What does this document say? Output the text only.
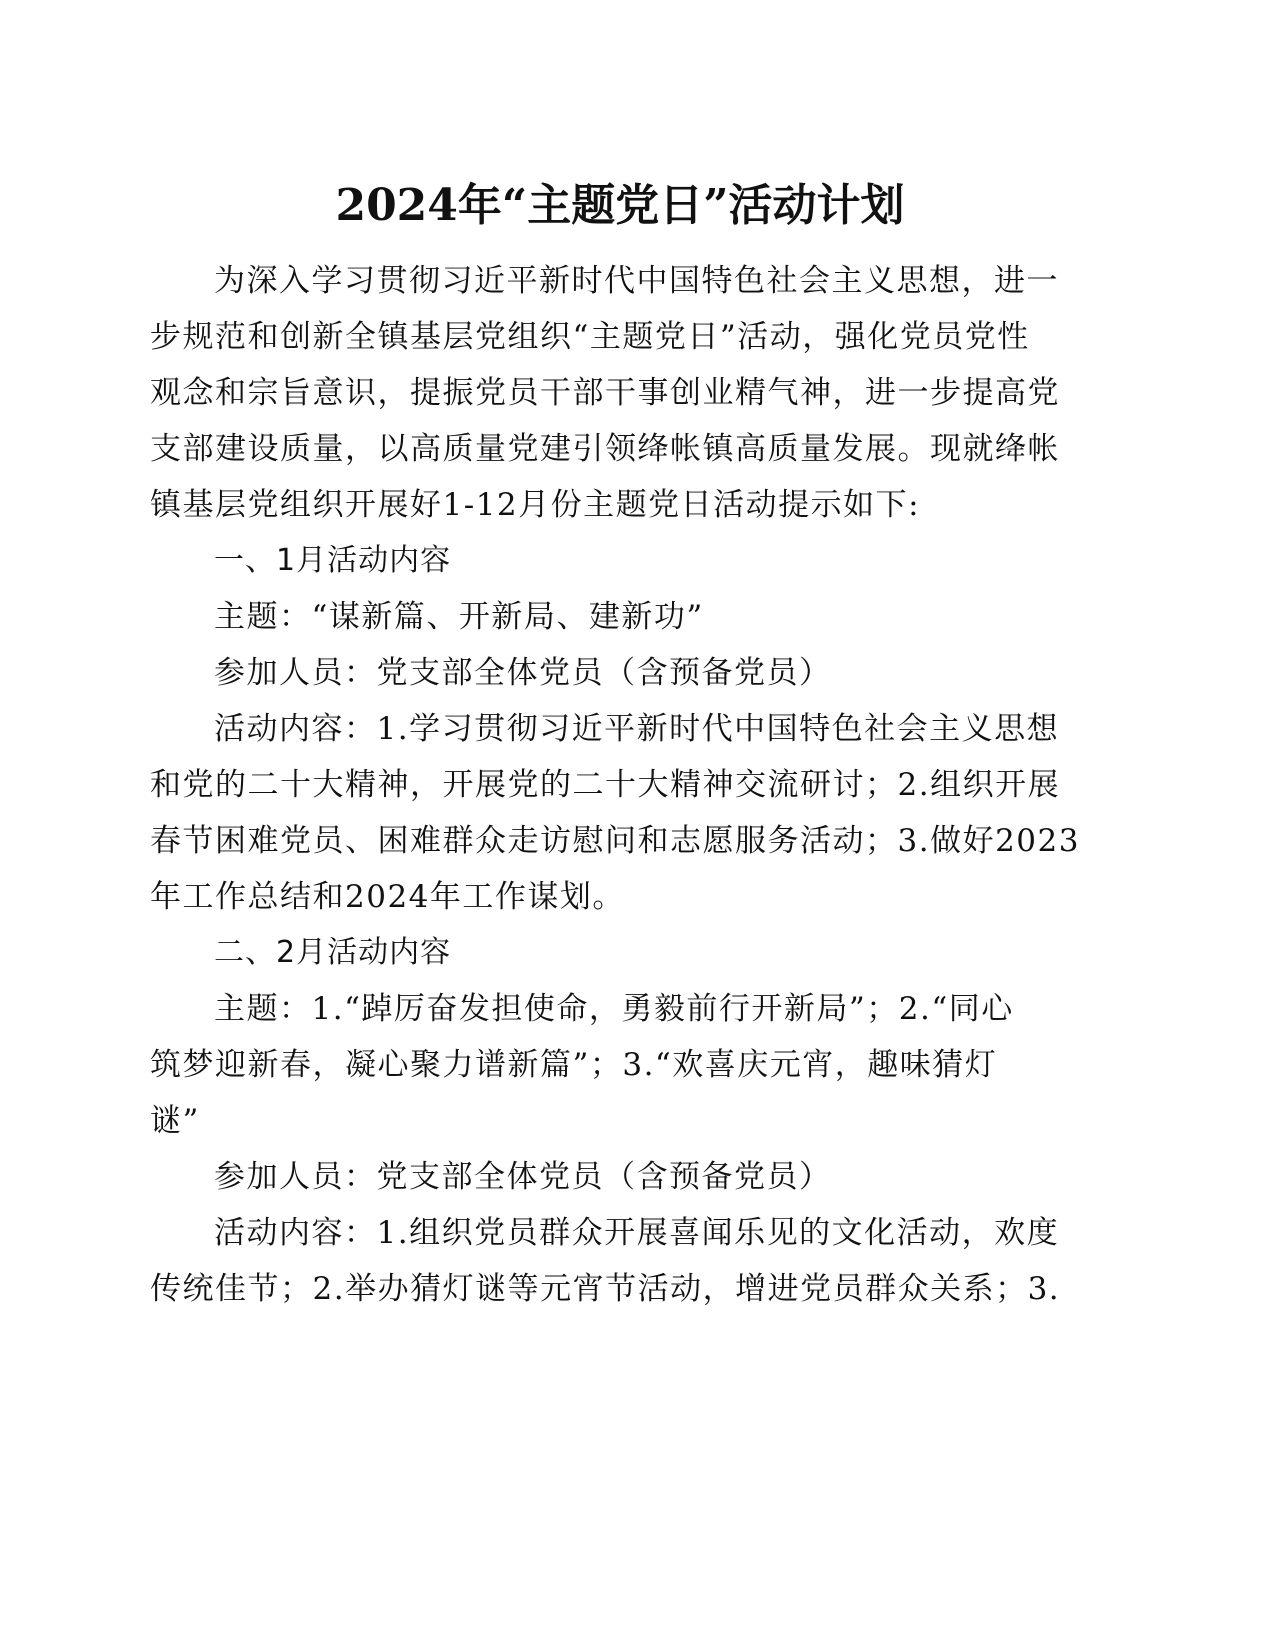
2024年“主题党日”活动计划
为深入学习贯彻习近平新时代中国特色社会主义思想，进一
步规范和创新全镇基层党组织“主题党日”活动，强化党员党性
观念和宗旨意识，提振党员干部干事创业精气神，进一步提高党
支部建设质量，以高质量党建引领绛帐镇高质量发展。现就绛帐
镇基层党组织开展好1-12月份主题党日活动提示如下:
一、1月活动内容
主题：“谋新篇、开新局、建新功”
参加人员：党支部全体党员（含预备党员）
活动内容：1.学习贯彻习近平新时代中国特色社会主义思想
和党的二十大精神，开展党的二十大精神交流研讨；2.组织开展
春节困难党员、困难群众走访慰问和志愿服务活动；3.做好2023
年工作总结和2024年工作谋划。
二、2月活动内容
主题：1.“踔厉奋发担使命，勇毅前行开新局”；2.“同心
筑梦迎新春，凝心聚力谱新篇”；3.“欢喜庆元宵，趣味猜灯
谜”
参加人员：党支部全体党员（含预备党员）
活动内容：1.组织党员群众开展喜闻乐见的文化活动，欢度
传统佳节；2.举办猜灯谜等元宵节活动，增进党员群众关系；3.
